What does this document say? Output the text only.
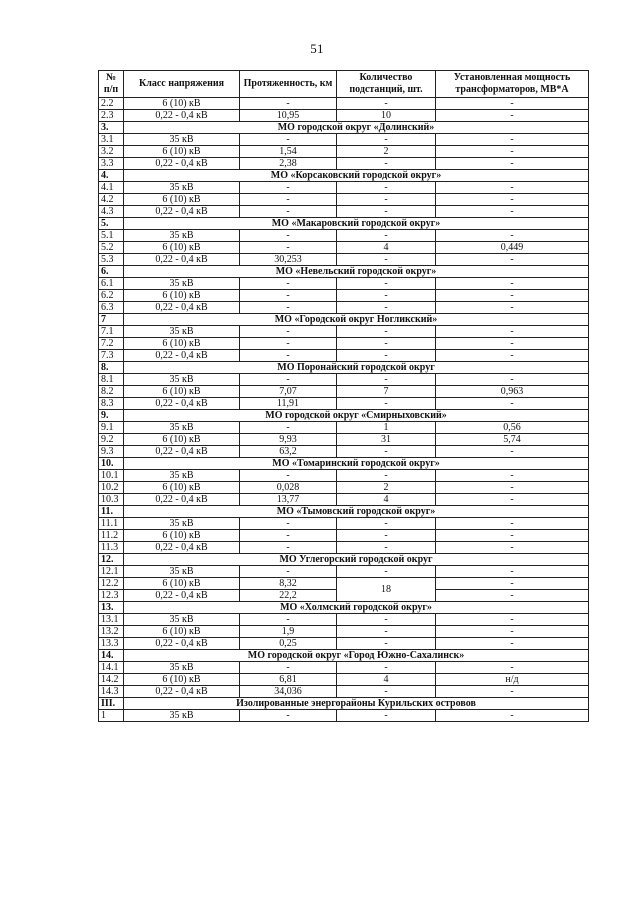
51
№ п/п	Класс напряжения	Протяженность, км	Количество подстанций, шт.	Установленная мощность трансформаторов, МВ*А
2.2	6 (10) кВ	-	-	-
2.3	0,22 - 0,4 кВ	10,95	10	-
3.	МО городской округ «Долинский»			
3.1	35 кВ	-	-	-
3.2	6 (10) кВ	1,54	2	-
3.3	0,22 - 0,4 кВ	2,38	-	-
4.	МО «Корсаковский городской округ»			
4.1	35 кВ	-	-	-
4.2	6 (10) кВ	-	-	-
4.3	0,22 - 0,4 кВ	-	-	-
5.	МО «Макаровский городской округ»			
5.1	35 кВ	-	-	-
5.2	6 (10) кВ	-	4	0,449
5.3	0,22 - 0,4 кВ	30,253	-	-
6.	МО «Невельский городской округ»			
6.1	35 кВ	-	-	-
6.2	6 (10) кВ	-	-	-
6.3	0,22 - 0,4 кВ	-	-	-
7	МО «Городской округ Ногликский»			
7.1	35 кВ	-	-	-
7.2	6 (10) кВ	-	-	-
7.3	0,22 - 0,4 кВ	-	-	-
8.	МО Поронайский городской округ			
8.1	35 кВ	-	-	-
8.2	6 (10) кВ	7,07	7	0,963
8.3	0,22 - 0,4 кВ	11,91	-	-
9.	МО городской округ «Смирныховский»			
9.1	35 кВ	-	1	0,56
9.2	6 (10) кВ	9,93	31	5,74
9.3	0,22 - 0,4 кВ	63,2	-	-
10.	МО «Томаринский городской округ»			
10.1	35 кВ	-	-	-
10.2	6 (10) кВ	0,028	2	-
10.3	0,22 - 0,4 кВ	13,77	4	-
11.	МО «Тымовский городской округ»			
11.1	35 кВ	-	-	-
11.2	6 (10) кВ	-	-	-
11.3	0,22 - 0,4 кВ	-	-	-
12.	МО Углегорский городской округ			
12.1	35 кВ	-	-	-
12.2	6 (10) кВ	8,32	18	-
12.3	0,22 - 0,4 кВ	22,2		-
13.	МО «Холмский городской округ»			
13.1	35 кВ	-	-	-
13.2	6 (10) кВ	1,9	-	-
13.3	0,22 - 0,4 кВ	0,25	-	-
14.	МО городской округ «Город Южно-Сахалинск»			
14.1	35 кВ	-	-	-
14.2	6 (10) кВ	6,81	4	н/д
14.3	0,22 - 0,4 кВ	34,036	-	-
III.	Изолированные энергорайоны Курильских островов			
1	35 кВ	-	-	-
